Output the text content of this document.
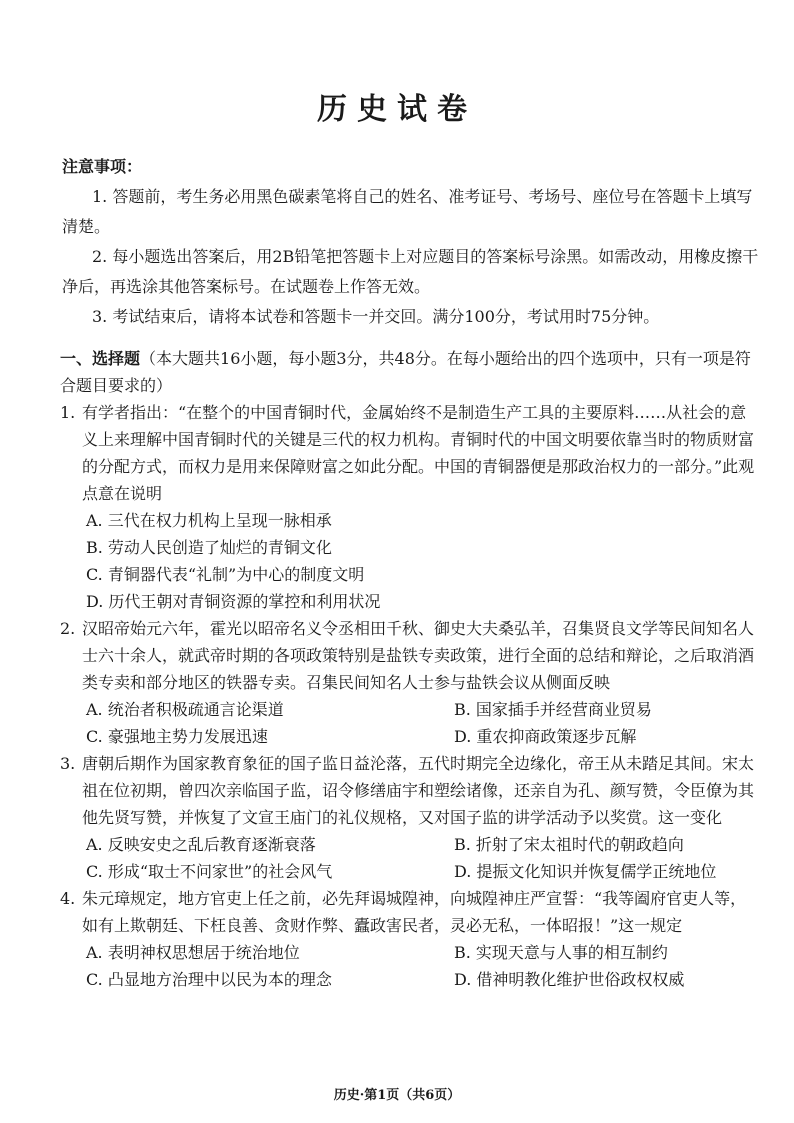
历史试卷

注意事项：

1. 答题前，考生务必用黑色碳素笔将自己的姓名、准考证号、考场号、座位号在答题卡上填写清楚。

2. 每小题选出答案后，用2B铅笔把答题卡上对应题目的答案标号涂黑。如需改动，用橡皮擦干净后，再选涂其他答案标号。在试题卷上作答无效。

3. 考试结束后，请将本试卷和答题卡一并交回。满分100分，考试用时75分钟。

一、选择题（本大题共16小题，每小题3分，共48分。在每小题给出的四个选项中，只有一项是符合题目要求的）

1. 有学者指出：“在整个的中国青铜时代，金属始终不是制造生产工具的主要原料……从社会的意义上来理解中国青铜时代的关键是三代的权力机构。青铜时代的中国文明要依靠当时的物质财富的分配方式，而权力是用来保障财富之如此分配。中国的青铜器便是那政治权力的一部分。”此观点意在说明

A. 三代在权力机构上呈现一脉相承
B. 劳动人民创造了灿烂的青铜文化
C. 青铜器代表“礼制”为中心的制度文明
D. 历代王朝对青铜资源的掌控和利用状况
2. 汉昭帝始元六年，霍光以昭帝名义令丞相田千秋、御史大夫桑弘羊，召集贤良文学等民间知名人士六十余人，就武帝时期的各项政策特别是盐铁专卖政策，进行全面的总结和辩论，之后取消酒类专卖和部分地区的铁器专卖。召集民间知名人士参与盐铁会议从侧面反映

A. 统治者积极疏通言论渠道	B. 国家插手并经营商业贸易
C. 豪强地主势力发展迅速	D. 重农抑商政策逐步瓦解
3. 唐朝后期作为国家教育象征的国子监日益沦落，五代时期完全边缘化，帝王从未踏足其间。宋太祖在位初期，曾四次亲临国子监，诏令修缮庙宇和塑绘诸像，还亲自为孔、颜写赞，令臣僚为其他先贤写赞，并恢复了文宣王庙门的礼仪规格，又对国子监的讲学活动予以奖赏。这一变化

A. 反映安史之乱后教育逐渐衰落	B. 折射了宋太祖时代的朝政趋向
C. 形成“取士不问家世”的社会风气	D. 提振文化知识并恢复儒学正统地位
4. 朱元璋规定，地方官吏上任之前，必先拜谒城隍神，向城隍神庄严宣誓：“我等阖府官吏人等，如有上欺朝廷、下枉良善、贪财作弊、蠹政害民者，灵必无私，一体昭报！”这一规定

A. 表明神权思想居于统治地位	B. 实现天意与人事的相互制约
C. 凸显地方治理中以民为本的理念	D. 借神明教化维护世俗政权权威
历史·第1页（共6页）
